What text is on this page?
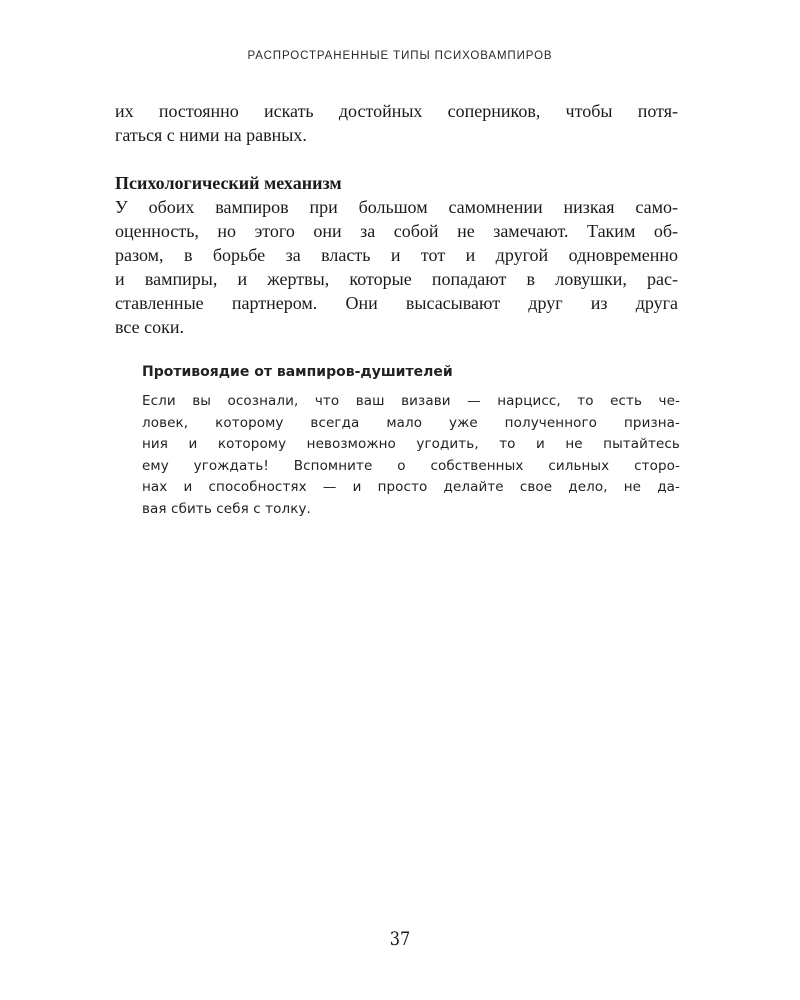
РАСПРОСТРАНЕННЫЕ ТИПЫ ПСИХОВАМПИРОВ
их постоянно искать достойных соперников, чтобы потя-
гаться с ними на равных.
Психологический механизм
У обоих вампиров при большом самомнении низкая само-
оценность, но этого они за собой не замечают. Таким об-
разом, в борьбе за власть и тот и другой одновременно
и вампиры, и жертвы, которые попадают в ловушки, рас-
ставленные партнером. Они высасывают друг из друга
все соки.
Противоядие от вампиров-душителей
Если вы осознали, что ваш визави — нарцисс, то есть че-
ловек, которому всегда мало уже полученного призна-
ния и которому невозможно угодить, то и не пытайтесь
ему угождать! Вспомните о собственных сильных сторо-
нах и способностях — и просто делайте свое дело, не да-
вая сбить себя с толку.
37
